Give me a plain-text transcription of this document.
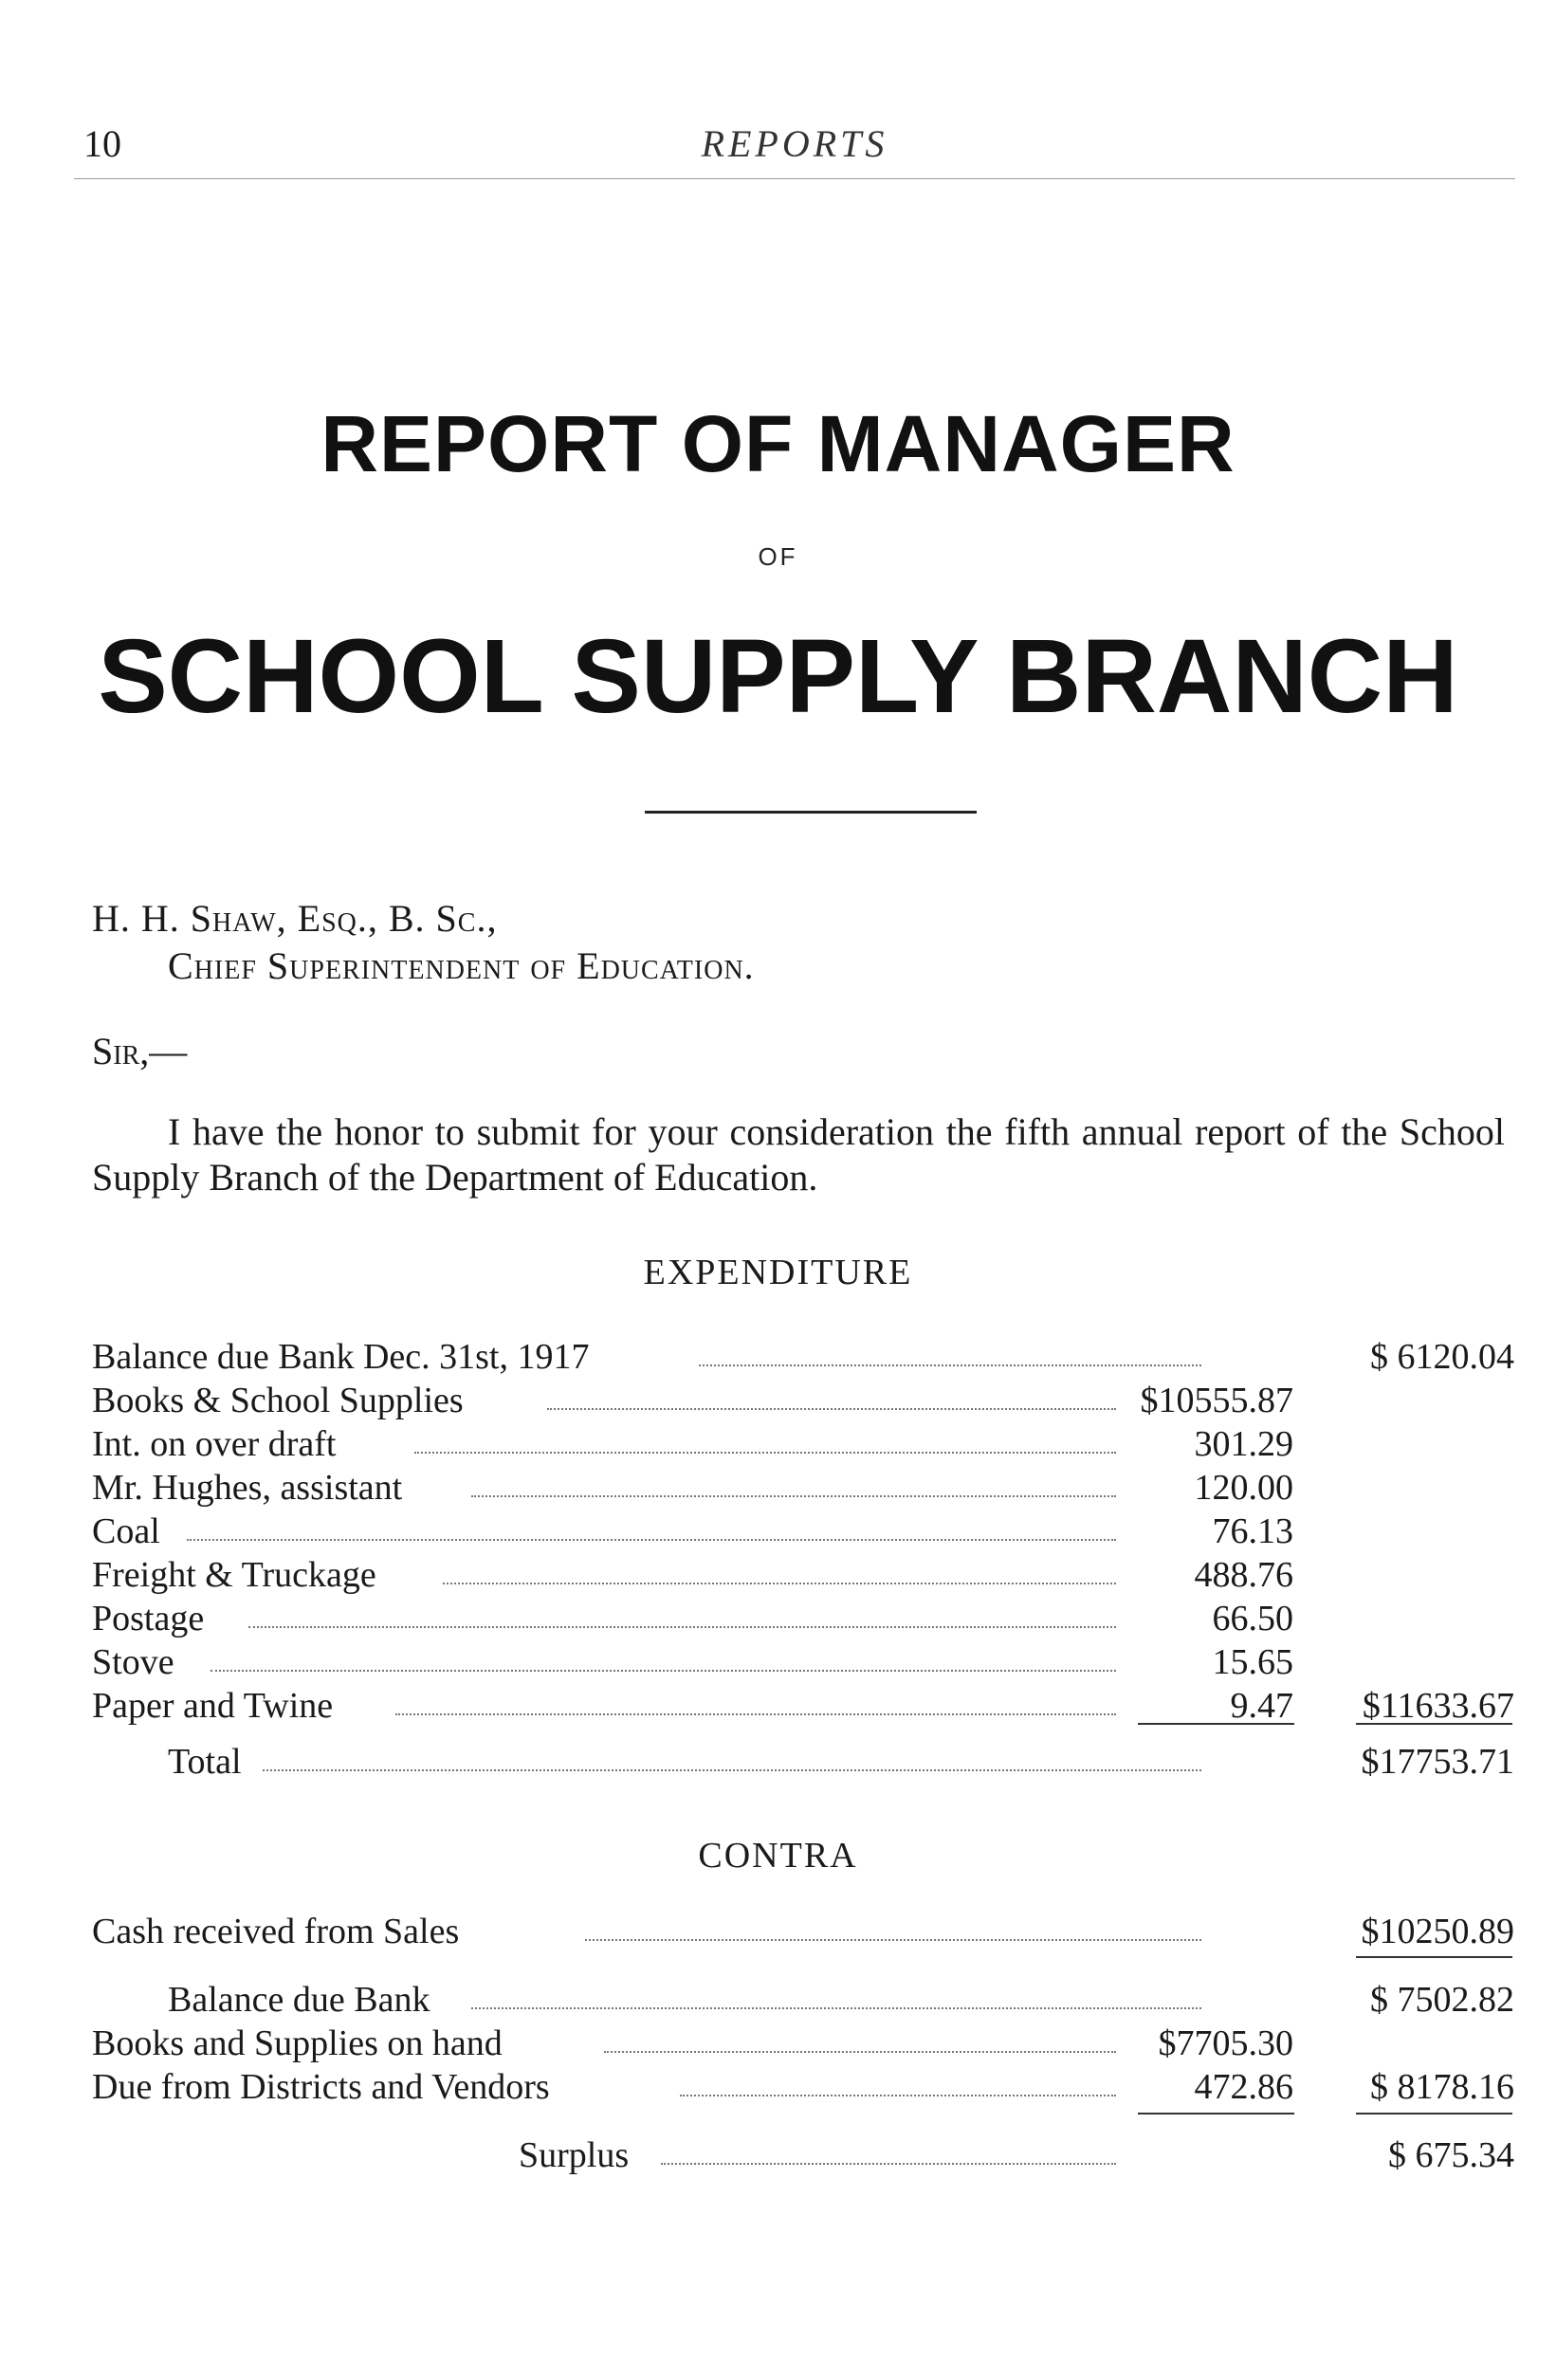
10	REPORTS
REPORT OF MANAGER
OF
SCHOOL SUPPLY BRANCH
H. H. Shaw, Esq., B. Sc.,
Chief Superintendent of Education.
Sir,—
I have the honor to submit for your consideration the fifth annual report of the School Supply Branch of the Department of Education.
EXPENDITURE
Balance due Bank Dec. 31st, 1917	$ 6120.04
Books & School Supplies	$10555.87
Int. on over draft	301.29
Mr. Hughes, assistant	120.00
Coal	76.13
Freight & Truckage	488.76
Postage	66.50
Stove	15.65
Paper and Twine	9.47 $11633.67
Total	$17753.71
CONTRA
Cash received from Sales	$10250.89
Balance due Bank	$ 7502.82
Books and Supplies on hand	$7705.30
Due from Districts and Vendors	472.86 $ 8178.16
Surplus	$ 675.34
